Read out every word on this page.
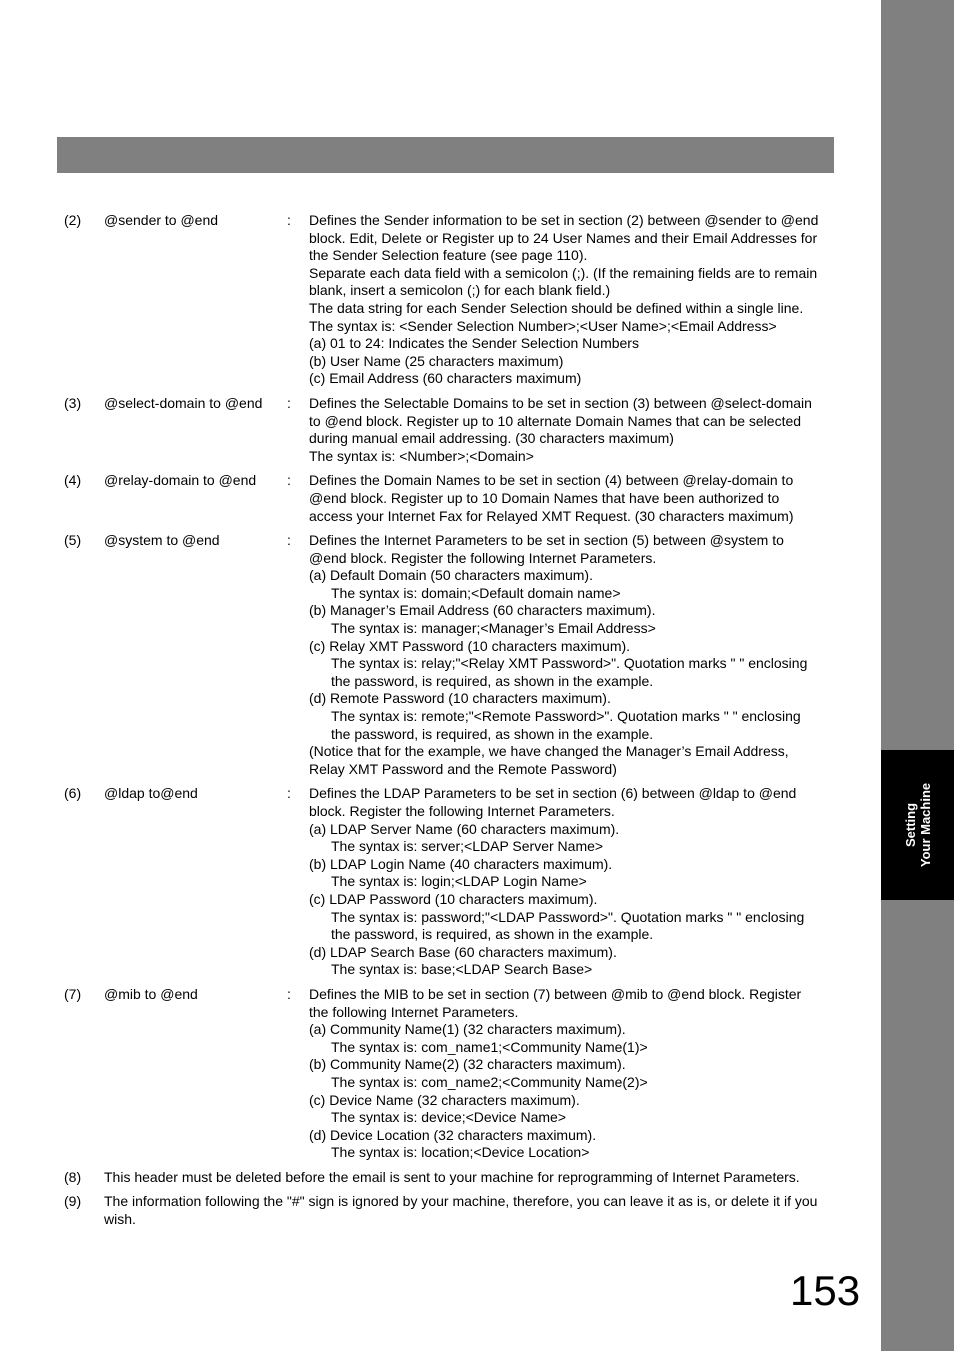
Setting Your Machine
(2)	@sender to @end	:	Defines the Sender information to be set in section (2) between @sender to @end
block. Edit, Delete or Register up to 24 User Names and their Email Addresses for
the Sender Selection feature (see page 110).
Separate each data field with a semicolon (;). (If the remaining fields are to remain
blank, insert a semicolon (;) for each blank field.)
The data string for each Sender Selection should be defined within a single line.
The syntax is: <Sender Selection Number>;<User Name>;<Email Address>
(a) 01 to 24: Indicates the Sender Selection Numbers
(b) User Name (25 characters maximum)
(c) Email Address (60 characters maximum)
(3)	@select-domain to @end	:	Defines the Selectable Domains to be set in section (3) between @select-domain
to @end block. Register up to 10 alternate Domain Names that can be selected
during manual email addressing. (30 characters maximum)
The syntax is: <Number>;<Domain>
(4)	@relay-domain to @end	:	Defines the Domain Names to be set in section (4) between @relay-domain to
@end block. Register up to 10 Domain Names that have been authorized to
access your Internet Fax for Relayed XMT Request. (30 characters maximum)
(5)	@system to @end	:	Defines the Internet Parameters to be set in section (5) between @system to
@end block. Register the following Internet Parameters.
(a) Default Domain (50 characters maximum).
The syntax is: domain;<Default domain name>
(b) Manager’s Email Address (60 characters maximum).
The syntax is: manager;<Manager’s Email Address>
(c) Relay XMT Password (10 characters maximum).
The syntax is: relay;"<Relay XMT Password>". Quotation marks " " enclosing
the password, is required, as shown in the example.
(d) Remote Password (10 characters maximum).
The syntax is: remote;"<Remote Password>". Quotation marks " " enclosing
the password, is required, as shown in the example.
(Notice that for the example, we have changed the Manager’s Email Address,
Relay XMT Password and the Remote Password)
(6)	@ldap to@end	:	Defines the LDAP Parameters to be set in section (6) between @ldap to @end
block. Register the following Internet Parameters.
(a) LDAP Server Name (60 characters maximum).
The syntax is: server;<LDAP Server Name>
(b) LDAP Login Name (40 characters maximum).
The syntax is: login;<LDAP Login Name>
(c) LDAP Password (10 characters maximum).
The syntax is: password;"<LDAP Password>". Quotation marks " " enclosing
the password, is required, as shown in the example.
(d) LDAP Search Base (60 characters maximum).
The syntax is: base;<LDAP Search Base>
(7)	@mib to @end	:	Defines the MIB to be set in section (7) between @mib to @end block. Register
the following Internet Parameters.
(a) Community Name(1) (32 characters maximum).
The syntax is: com_name1;<Community Name(1)>
(b) Community Name(2) (32 characters maximum).
The syntax is: com_name2;<Community Name(2)>
(c) Device Name (32 characters maximum).
The syntax is: device;<Device Name>
(d) Device Location (32 characters maximum).
The syntax is: location;<Device Location>
(8)	This header must be deleted before the email is sent to your machine for reprogramming of Internet Parameters.
(9)	The information following the "#" sign is ignored by your machine, therefore, you can leave it as is, or delete it if you wish.
153
